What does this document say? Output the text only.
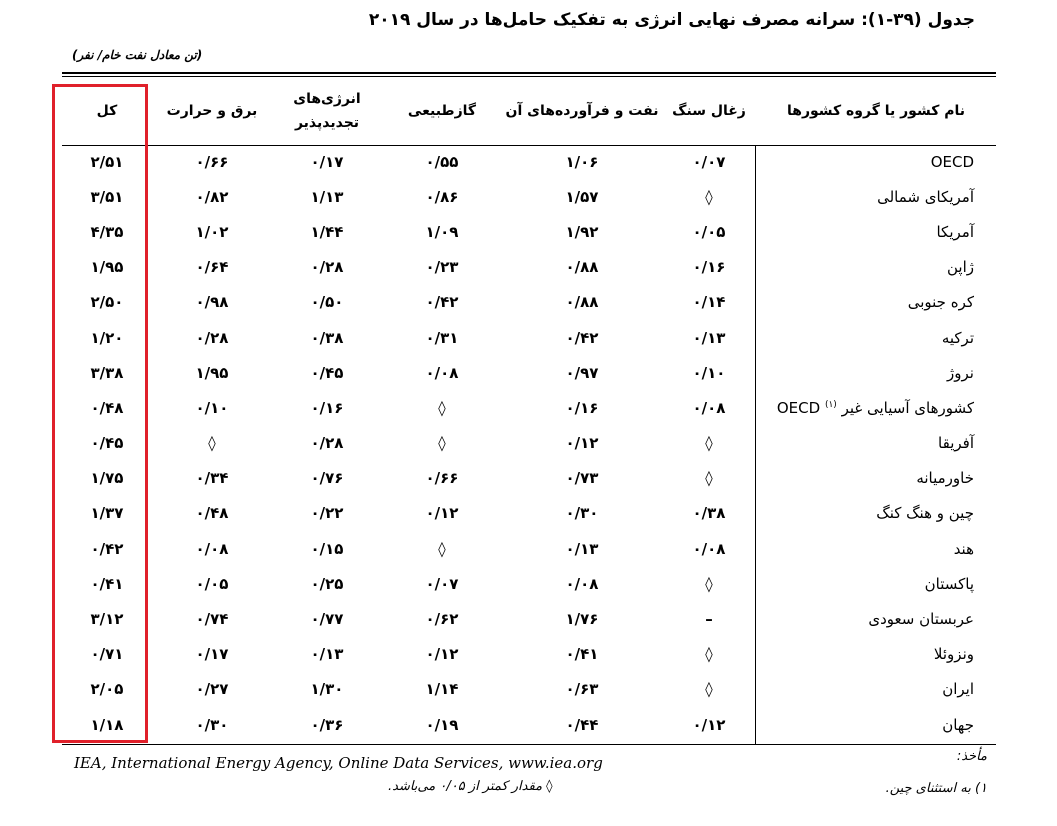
جدول (۳۹-۱): سرانه مصرف نهایی انرژی به تفکیک حامل‌ها در سال ۲۰۱۹
(تن معادل نفت خام/ نفر)
نام کشور یا گروه کشورها	زغال سنگ	نفت و فرآورده‌های آن	گازطبیعی	انرژی‌های
تجدیدپذیر	برق و حرارت	کل
OECD	۰/۰۷	۱/۰۶	۰/۵۵	۰/۱۷	۰/۶۶	۲/۵۱
آمریکای شمالی	◊	۱/۵۷	۰/۸۶	۱/۱۳	۰/۸۲	۳/۵۱
آمریکا	۰/۰۵	۱/۹۲	۱/۰۹	۱/۴۴	۱/۰۲	۴/۳۵
ژاپن	۰/۱۶	۰/۸۸	۰/۲۳	۰/۲۸	۰/۶۴	۱/۹۵
کره جنوبی	۰/۱۴	۰/۸۸	۰/۴۲	۰/۵۰	۰/۹۸	۲/۵۰
ترکیه	۰/۱۳	۰/۴۲	۰/۳۱	۰/۳۸	۰/۲۸	۱/۲۰
نروژ	۰/۱۰	۰/۹۷	۰/۰۸	۰/۴۵	۱/۹۵	۳/۳۸
کشورهای آسیایی غیر OECD $^{(۱)}$	۰/۰۸	۰/۱۶	◊	۰/۱۶	۰/۱۰	۰/۴۸
آفریقا	◊	۰/۱۲	◊	۰/۲۸	◊	۰/۴۵
خاورمیانه	◊	۰/۷۳	۰/۶۶	۰/۷۶	۰/۳۴	۱/۷۵
چین و هنگ کنگ	۰/۳۸	۰/۳۰	۰/۱۲	۰/۲۲	۰/۴۸	۱/۳۷
هند	۰/۰۸	۰/۱۳	◊	۰/۱۵	۰/۰۸	۰/۴۲
پاکستان	◊	۰/۰۸	۰/۰۷	۰/۲۵	۰/۰۵	۰/۴۱
عربستان سعودی	–	۱/۷۶	۰/۶۲	۰/۷۷	۰/۷۴	۳/۱۲
ونزوئلا	◊	۰/۴۱	۰/۱۲	۰/۱۳	۰/۱۷	۰/۷۱
ایران	◊	۰/۶۳	۱/۱۴	۱/۳۰	۰/۲۷	۲/۰۵
جهان	۰/۱۲	۰/۴۴	۰/۱۹	۰/۳۶	۰/۳۰	۱/۱۸
مأخذ:
IEA, International Energy Agency, Online Data Services, www.iea.org
۱) به استثنای چین.
◊ مقدار کمتر از ۰/۰۵ می‌باشد.
